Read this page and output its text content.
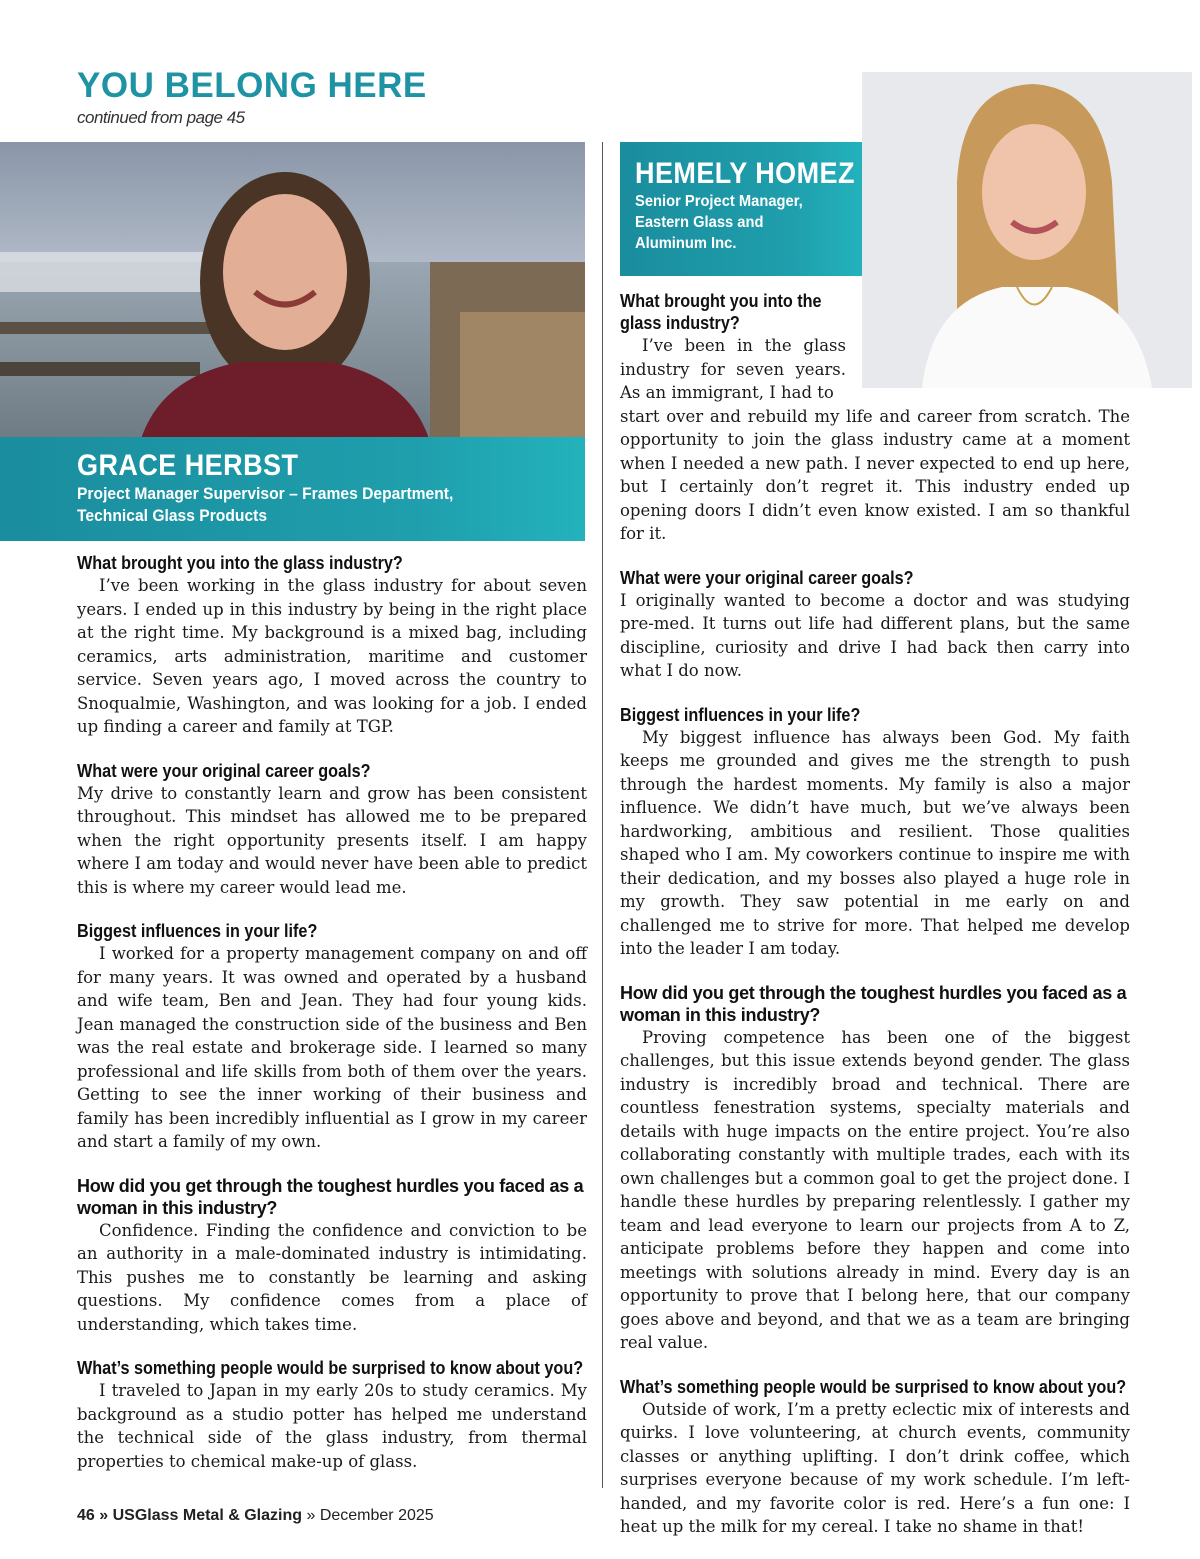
YOU BELONG HERE
continued from page 45
GRACE HERBST
Project Manager Supervisor – Frames Department,
Technical Glass Products
HEMELY HOMEZ
Senior Project Manager,
Eastern Glass and
Aluminum Inc.
What brought you into the glass industry?

I’ve been working in the glass industry for about seven years. I ended up in this industry by being in the right place at the right time. My background is a mixed bag, including ceramics, arts administration, maritime and customer service. Seven years ago, I moved across the country to Snoqualmie, Washington, and was looking for a job. I ended up finding a career and family at TGP.

What were your original career goals?

My drive to constantly learn and grow has been consistent throughout. This mindset has allowed me to be prepared when the right opportunity presents itself. I am happy where I am today and would never have been able to predict this is where my career would lead me.

Biggest influences in your life?

I worked for a property management company on and off for many years. It was owned and operated by a husband and wife team, Ben and Jean. They had four young kids. Jean managed the construction side of the business and Ben was the real estate and brokerage side. I learned so many professional and life skills from both of them over the years. Getting to see the inner working of their business and family has been incredibly influential as I grow in my career and start a family of my own.

How did you get through the toughest hurdles you faced as a woman in this industry?

Confidence. Finding the confidence and conviction to be an authority in a male-dominated industry is intimidating. This pushes me to constantly be learning and asking questions. My confidence comes from a place of understanding, which takes time.

What’s something people would be surprised to know about you?

I traveled to Japan in my early 20s to study ceramics. My background as a studio potter has helped me understand the technical side of the glass industry, from thermal properties to chemical make-up of glass.

What brought you into the
glass industry?

I’ve been in the glass industry for seven years. As an immigrant, I had to

start over and rebuild my life and career from scratch. The opportunity to join the glass industry came at a moment when I needed a new path. I never expected to end up here, but I certainly don’t regret it. This industry ended up opening doors I didn’t even know existed. I am so thankful for it.

What were your original career goals?

I originally wanted to become a doctor and was studying pre-med. It turns out life had different plans, but the same discipline, curiosity and drive I had back then carry into what I do now.

Biggest influences in your life?

My biggest influence has always been God. My faith keeps me grounded and gives me the strength to push through the hardest moments. My family is also a major influence. We didn’t have much, but we’ve always been hardworking, ambitious and resilient. Those qualities shaped who I am. My coworkers continue to inspire me with their dedication, and my bosses also played a huge role in my growth. They saw potential in me early on and challenged me to strive for more. That helped me develop into the leader I am today.

How did you get through the toughest hurdles you faced as a woman in this industry?

Proving competence has been one of the biggest challenges, but this issue extends beyond gender. The glass industry is incredibly broad and technical. There are countless fenestration systems, specialty materials and details with huge impacts on the entire project. You’re also collaborating constantly with multiple trades, each with its own challenges but a common goal to get the project done. I handle these hurdles by preparing relentlessly. I gather my team and lead everyone to learn our projects from A to Z, anticipate problems before they happen and come into meetings with solutions already in mind. Every day is an opportunity to prove that I belong here, that our company goes above and beyond, and that we as a team are bringing real value.

What’s something people would be surprised to know about you?

Outside of work, I’m a pretty eclectic mix of interests and quirks. I love volunteering, at church events, community classes or anything uplifting. I don’t drink coffee, which surprises everyone because of my work schedule. I’m left-handed, and my favorite color is red. Here’s a fun one: I heat up the milk for my cereal. I take no shame in that!

46 » USGlass Metal & Glazing » December 2025
